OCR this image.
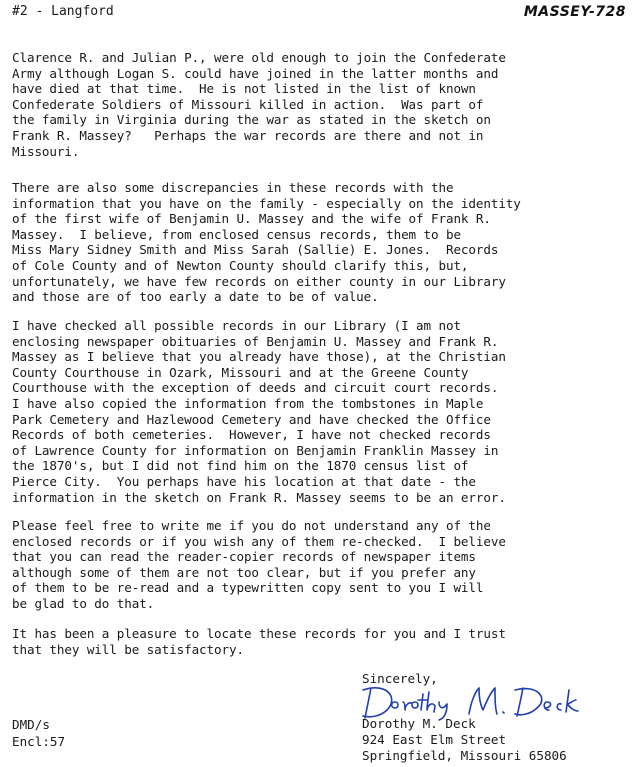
#2 - Langford	MASSEY-728

Clarence R. and Julian P., were old enough to join the Confederate
Army although Logan S. could have joined in the latter months and
have died at that time.  He is not listed in the list of known
Confederate Soldiers of Missouri killed in action.  Was part of
the family in Virginia during the war as stated in the sketch on
Frank R. Massey?   Perhaps the war records are there and not in
Missouri.

There are also some discrepancies in these records with the
information that you have on the family - especially on the identity
of the first wife of Benjamin U. Massey and the wife of Frank R.
Massey.  I believe, from enclosed census records, them to be
Miss Mary Sidney Smith and Miss Sarah (Sallie) E. Jones.  Records
of Cole County and of Newton County should clarify this, but,
unfortunately, we have few records on either county in our Library
and those are of too early a date to be of value.

I have checked all possible records in our Library (I am not
enclosing newspaper obituaries of Benjamin U. Massey and Frank R.
Massey as I believe that you already have those), at the Christian
County Courthouse in Ozark, Missouri and at the Greene County
Courthouse with the exception of deeds and circuit court records.
I have also copied the information from the tombstones in Maple
Park Cemetery and Hazlewood Cemetery and have checked the Office
Records of both cemeteries.  However, I have not checked records
of Lawrence County for information on Benjamin Franklin Massey in
the 1870's, but I did not find him on the 1870 census list of
Pierce City.  You perhaps have his location at that date - the
information in the sketch on Frank R. Massey seems to be an error.

Please feel free to write me if you do not understand any of the
enclosed records or if you wish any of them re-checked.  I believe
that you can read the reader-copier records of newspaper items
although some of them are not too clear, but if you prefer any
of them to be re-read and a typewritten copy sent to you I will
be glad to do that.

It has been a pleasure to locate these records for you and I trust
that they will be satisfactory.

Sincerely,
Dorothy M. Deck
924 East Elm Street
Springfield, Missouri 65806
DMD/s
Encl:57
